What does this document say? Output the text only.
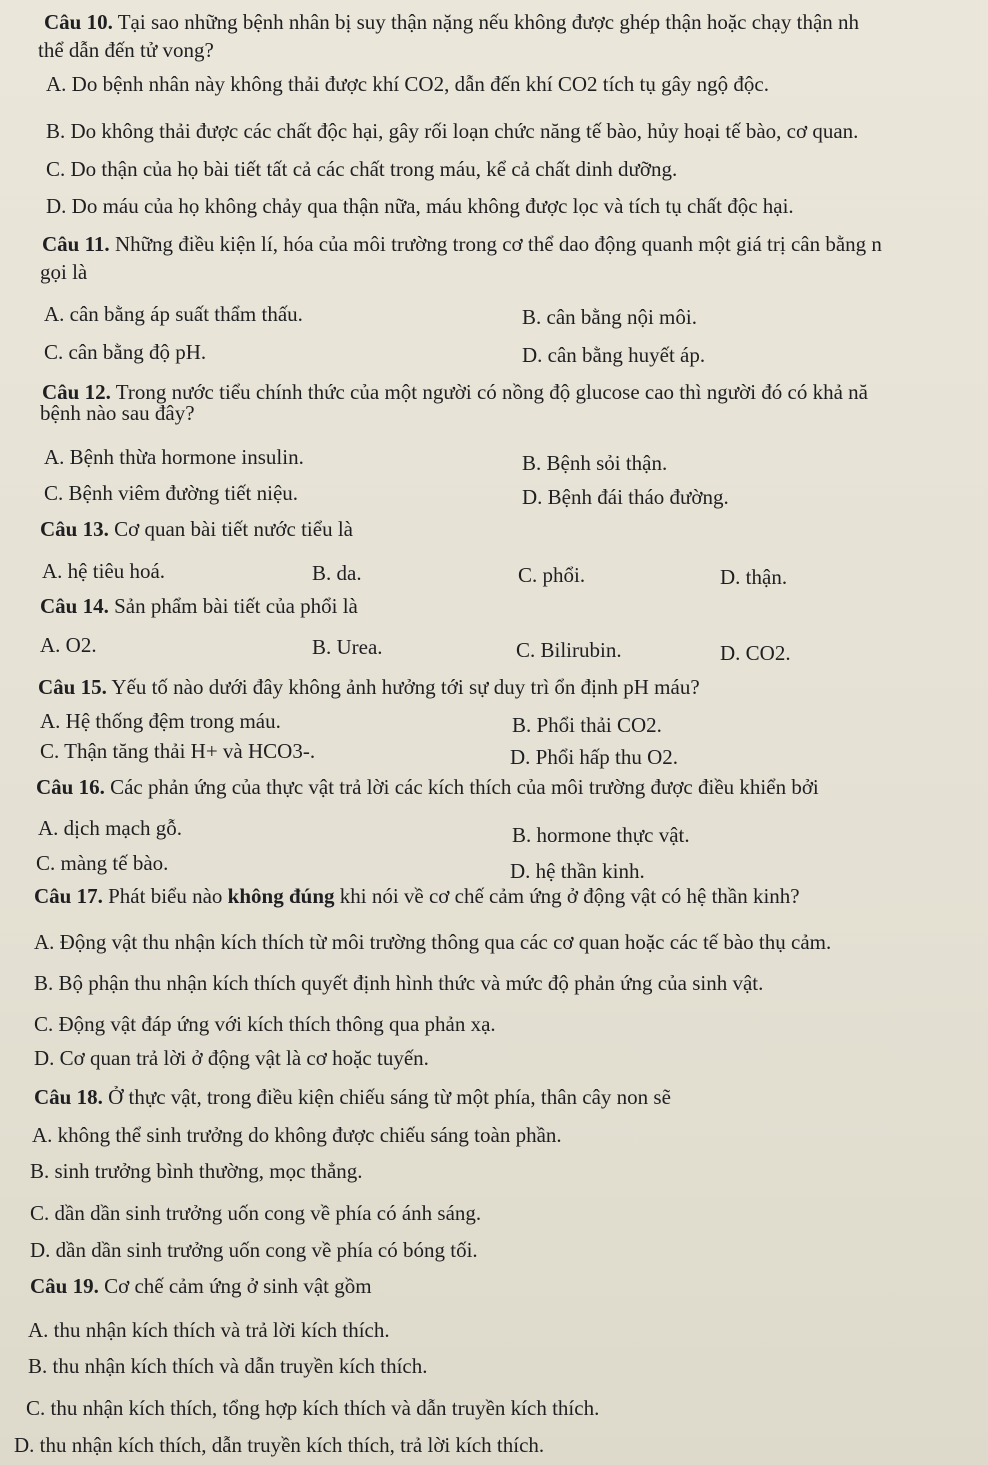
Câu 10. Tại sao những bệnh nhân bị suy thận nặng nếu không được ghép thận hoặc chạy thận nh
thể dẫn đến tử vong?
A. Do bệnh nhân này không thải được khí CO2, dẫn đến khí CO2 tích tụ gây ngộ độc.
B. Do không thải được các chất độc hại, gây rối loạn chức năng tế bào, hủy hoại tế bào, cơ quan.
C. Do thận của họ bài tiết tất cả các chất trong máu, kể cả chất dinh dưỡng.
D. Do máu của họ không chảy qua thận nữa, máu không được lọc và tích tụ chất độc hại.
Câu 11. Những điều kiện lí, hóa của môi trường trong cơ thể dao động quanh một giá trị cân bằng n
gọi là
A. cân bằng áp suất thẩm thấu.	B. cân bằng nội môi.
C. cân bằng độ pH.	D. cân bằng huyết áp.
Câu 12. Trong nước tiểu chính thức của một người có nồng độ glucose cao thì người đó có khả nă
bệnh nào sau đây?
A. Bệnh thừa hormone insulin.	B. Bệnh sỏi thận.
C. Bệnh viêm đường tiết niệu.	D. Bệnh đái tháo đường.
Câu 13. Cơ quan bài tiết nước tiểu là
A. hệ tiêu hoá.	B. da.	C. phổi.	D. thận.
Câu 14. Sản phẩm bài tiết của phổi là
A. O2.	B. Urea.	C. Bilirubin.	D. CO2.
Câu 15. Yếu tố nào dưới đây không ảnh hưởng tới sự duy trì ổn định pH máu?
A. Hệ thống đệm trong máu.	B. Phổi thải CO2.
C. Thận tăng thải H+ và HCO3-.	D. Phổi hấp thu O2.
Câu 16. Các phản ứng của thực vật trả lời các kích thích của môi trường được điều khiển bởi
A. dịch mạch gỗ.	B. hormone thực vật.
C. màng tế bào.	D. hệ thần kinh.
Câu 17. Phát biểu nào không đúng khi nói về cơ chế cảm ứng ở động vật có hệ thần kinh?
A. Động vật thu nhận kích thích từ môi trường thông qua các cơ quan hoặc các tế bào thụ cảm.
B. Bộ phận thu nhận kích thích quyết định hình thức và mức độ phản ứng của sinh vật.
C. Động vật đáp ứng với kích thích thông qua phản xạ.
D. Cơ quan trả lời ở động vật là cơ hoặc tuyến.
Câu 18. Ở thực vật, trong điều kiện chiếu sáng từ một phía, thân cây non sẽ
A. không thể sinh trưởng do không được chiếu sáng toàn phần.
B. sinh trưởng bình thường, mọc thẳng.
C. dần dần sinh trưởng uốn cong về phía có ánh sáng.
D. dần dần sinh trưởng uốn cong về phía có bóng tối.
Câu 19. Cơ chế cảm ứng ở sinh vật gồm
A. thu nhận kích thích và trả lời kích thích.
B. thu nhận kích thích và dẫn truyền kích thích.
C. thu nhận kích thích, tổng hợp kích thích và dẫn truyền kích thích.
D. thu nhận kích thích, dẫn truyền kích thích, trả lời kích thích.
